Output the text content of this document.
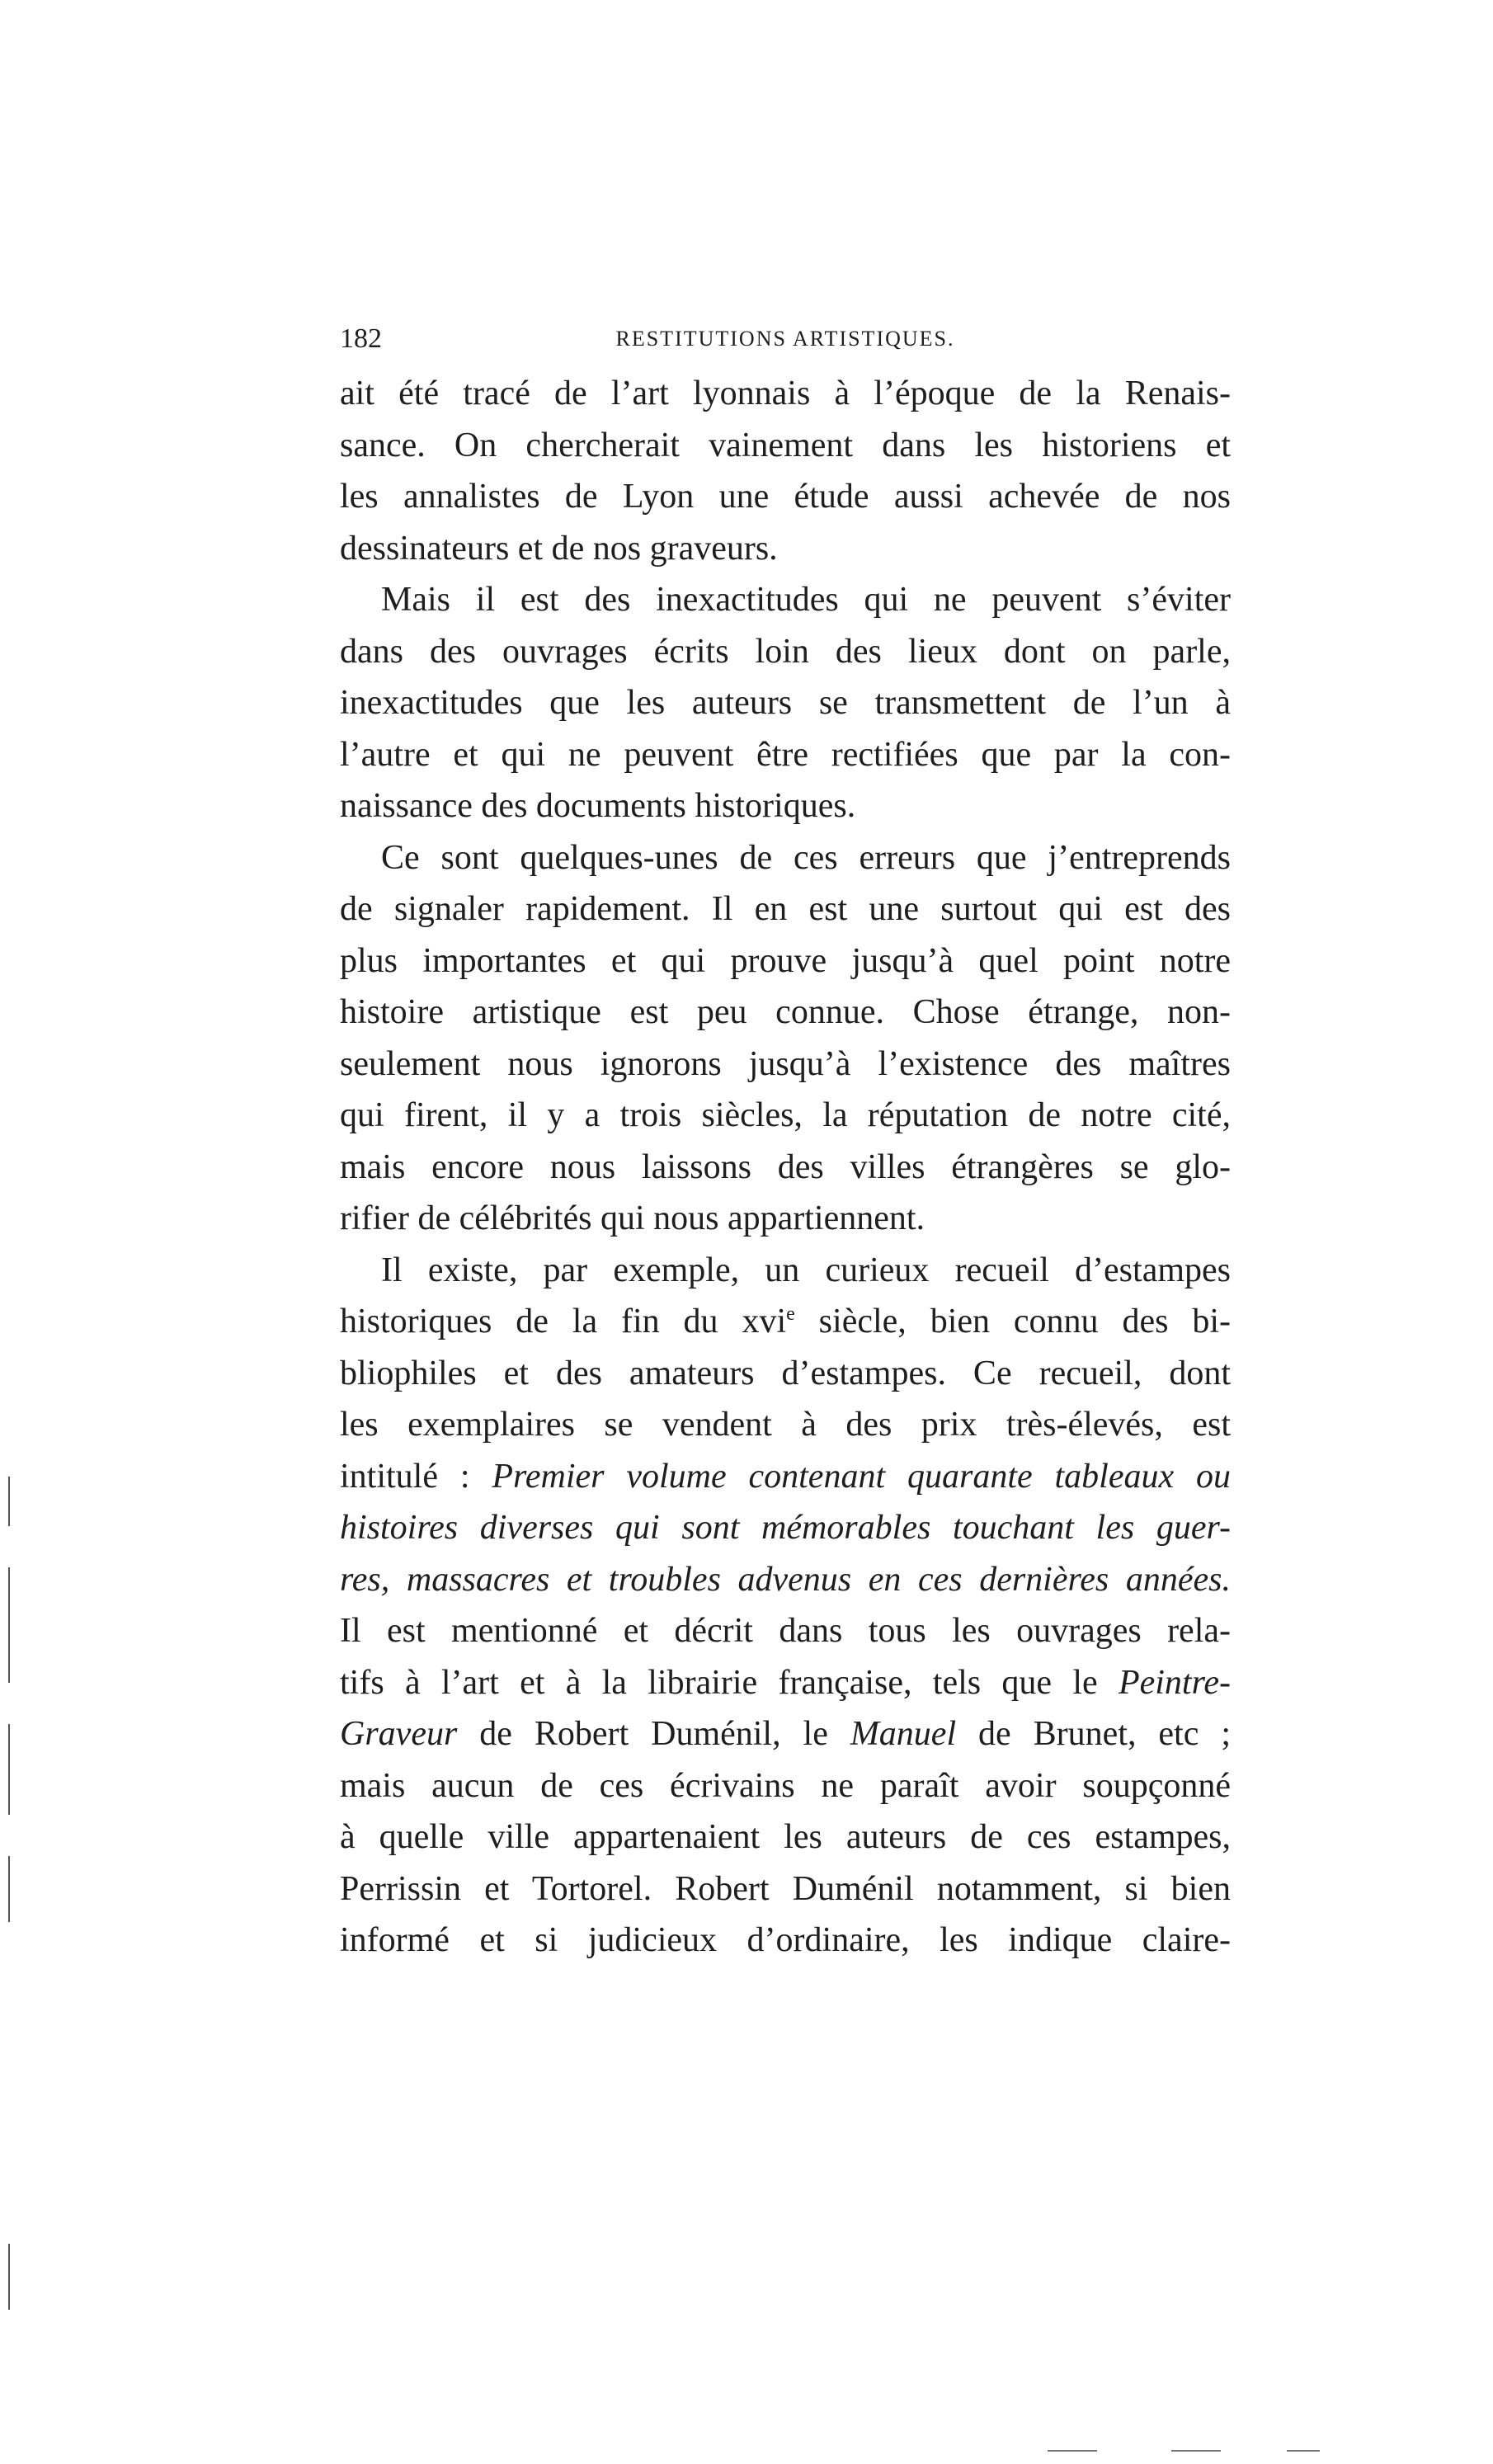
182	RESTITUTIONS ARTISTIQUES.
ait été tracé de l’art lyonnais à l’époque de la Renais-
sance. On chercherait vainement dans les historiens et
les annalistes de Lyon une étude aussi achevée de nos
dessinateurs et de nos graveurs.
Mais il est des inexactitudes qui ne peuvent s’éviter
dans des ouvrages écrits loin des lieux dont on parle,
inexactitudes que les auteurs se transmettent de l’un à
l’autre et qui ne peuvent être rectifiées que par la con-
naissance des documents historiques.
Ce sont quelques-unes de ces erreurs que j’entreprends
de signaler rapidement. Il en est une surtout qui est des
plus importantes et qui prouve jusqu’à quel point notre
histoire artistique est peu connue. Chose étrange, non-
seulement nous ignorons jusqu’à l’existence des maîtres
qui firent, il y a trois siècles, la réputation de notre cité,
mais encore nous laissons des villes étrangères se glo-
rifier de célébrités qui nous appartiennent.
Il existe, par exemple, un curieux recueil d’estampes
historiques de la fin du xvi$^e$ siècle, bien connu des bi-
bliophiles et des amateurs d’estampes. Ce recueil, dont
les exemplaires se vendent à des prix très-élevés, est
intitulé : Premier volume contenant quarante tableaux ou
histoires diverses qui sont mémorables touchant les guer-
res, massacres et troubles advenus en ces dernières années.
Il est mentionné et décrit dans tous les ouvrages rela-
tifs à l’art et à la librairie française, tels que le Peintre-
Graveur de Robert Duménil, le Manuel de Brunet, etc ;
mais aucun de ces écrivains ne paraît avoir soupçonné
à quelle ville appartenaient les auteurs de ces estampes,
Perrissin et Tortorel. Robert Duménil notamment, si bien
informé et si judicieux d’ordinaire, les indique claire-
